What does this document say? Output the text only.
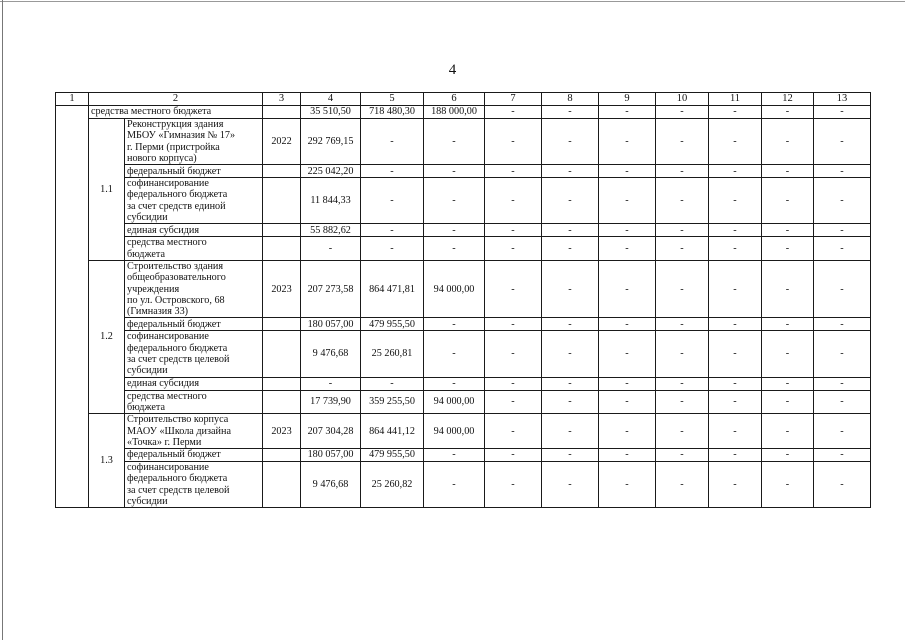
4
1	2		3	4	5	6	7	8	9	10	11	12	13
	средства местного бюджета			35 510,50	718 480,30	188 000,00	-	-	-	-	-	-	-
	1.1	Реконструкция здания
МБОУ «Гимназия № 17»
г. Перми (пристройка
нового корпуса)	2022	292 769,15	-	-	-	-	-	-	-	-	-
		федеральный бюджет		225 042,20	-	-	-	-	-	-	-	-	-
		софинансирование
федерального бюджета
за счет средств единой
субсидии		11 844,33	-	-	-	-	-	-	-	-	-
		единая субсидия		55 882,62	-	-	-	-	-	-	-	-	-
		средства местного
бюджета		-	-	-	-	-	-	-	-	-	-
	1.2	Строительство здания
общеобразовательного
учреждения
по ул. Островского, 68
(Гимназия 33)	2023	207 273,58	864 471,81	94 000,00	-	-	-	-	-	-	-
		федеральный бюджет		180 057,00	479 955,50	-	-	-	-	-	-	-	-
		софинансирование
федерального бюджета
за счет средств целевой
субсидии		9 476,68	25 260,81	-	-	-	-	-	-	-	-
		единая субсидия		-	-	-	-	-	-	-	-	-	-
		средства местного
бюджета		17 739,90	359 255,50	94 000,00	-	-	-	-	-	-	-
	1.3	Строительство корпуса
МАОУ «Школа дизайна
«Точка» г. Перми	2023	207 304,28	864 441,12	94 000,00	-	-	-	-	-	-	-
		федеральный бюджет		180 057,00	479 955,50	-	-	-	-	-	-	-	-
		софинансирование
федерального бюджета
за счет средств целевой
субсидии		9 476,68	25 260,82	-	-	-	-	-	-	-	-
